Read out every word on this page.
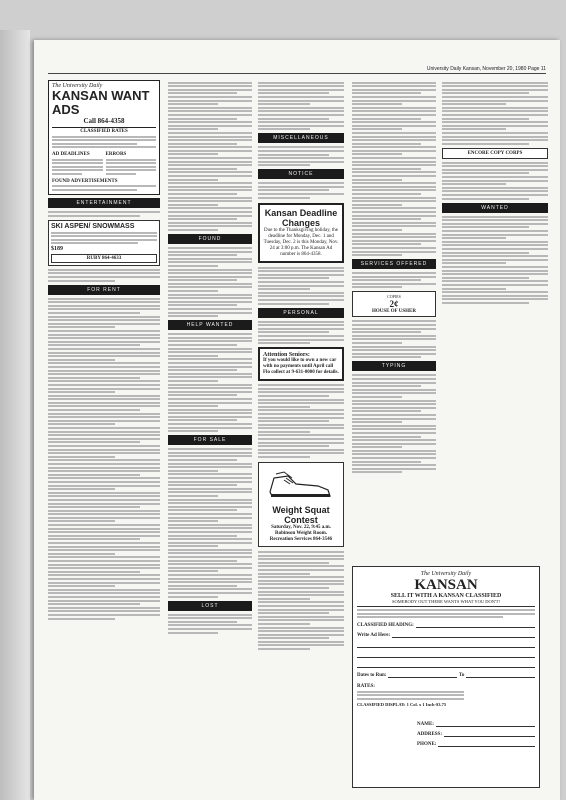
University Daily Kansan, November 20, 1980 Page 11
The University Daily
KANSAN WANT ADS
Call 864-4358
CLASSIFIED RATES
AD DEADLINES	ERRORS
FOUND ADVERTISEMENTS
ENTERTAINMENT
SKI ASPEN/ SNOWMASS
$189
RUBY 864-4633
FOR RENT
FOUND
HELP WANTED
FOR SALE
LOST
MISCELLANEOUS
NOTICE
Kansan Deadline Changes
Due to the Thanksgiving holiday, the deadline for Monday, Dec. 1 and Tuesday, Dec. 2 is this Monday, Nov. 24 at 3:00 p.m. The Kansan Ad number is 864-4358.
PERSONAL
Attention Seniors:
If you would like to own a new car with no payments until April call Flo collect at 9-631-0000 for details.
Weight Squat Contest
Saturday, Nov. 22, 9:45 a.m.
Robinson Weight Room.
Recreation Services 864-3546
SERVICES OFFERED
COPIES
2¢
HOUSE OF USHER
TYPING
ENCORE COPY CORPS
WANTED
The University Daily
KANSAN
SELL IT WITH A KANSAN CLASSIFIED
SOMEBODY OUT THERE WANTS WHAT YOU DON'T!
CLASSIFIED HEADING:
Write Ad Here:
Dates to Run:	To
RATES:
CLASSIFIED DISPLAY: 1 Col. x 1 Inch-$3.75
NAME:
ADDRESS:
PHONE:
